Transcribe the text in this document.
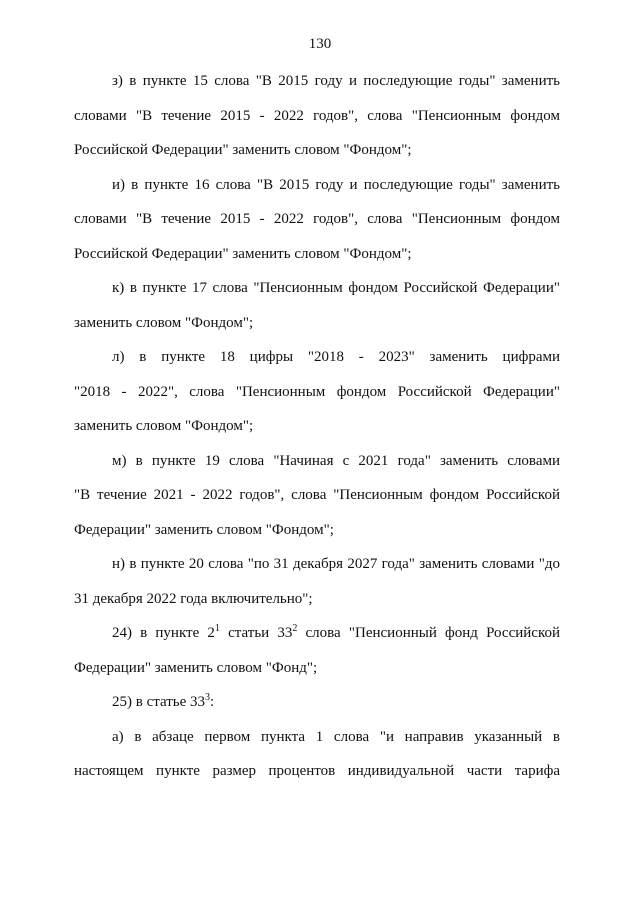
130
з) в пункте 15 слова "В 2015 году и последующие годы" заменить
словами "В течение 2015 - 2022 годов", слова "Пенсионным фондом
Российской Федерации" заменить словом "Фондом";
и) в пункте 16 слова "В 2015 году и последующие годы" заменить
словами "В течение 2015 - 2022 годов", слова "Пенсионным фондом
Российской Федерации" заменить словом "Фондом";
к) в пункте 17 слова "Пенсионным фондом Российской Федерации"
заменить словом "Фондом";
л) в пункте 18 цифры "2018 - 2023" заменить цифрами
"2018 - 2022", слова "Пенсионным фондом Российской Федерации"
заменить словом "Фондом";
м) в пункте 19 слова "Начиная с 2021 года" заменить словами
"В течение 2021 - 2022 годов", слова "Пенсионным фондом Российской
Федерации" заменить словом "Фондом";
н) в пункте 20 слова "по 31 декабря 2027 года" заменить словами "до
31 декабря 2022 года включительно";
24) в пункте $2^1$ статьи $33^2$ слова "Пенсионный фонд Российской
Федерации" заменить словом "Фонд";
25) в статье $33^3$:
а) в абзаце первом пункта 1 слова "и направив указанный в
настоящем пункте размер процентов индивидуальной части тарифа
